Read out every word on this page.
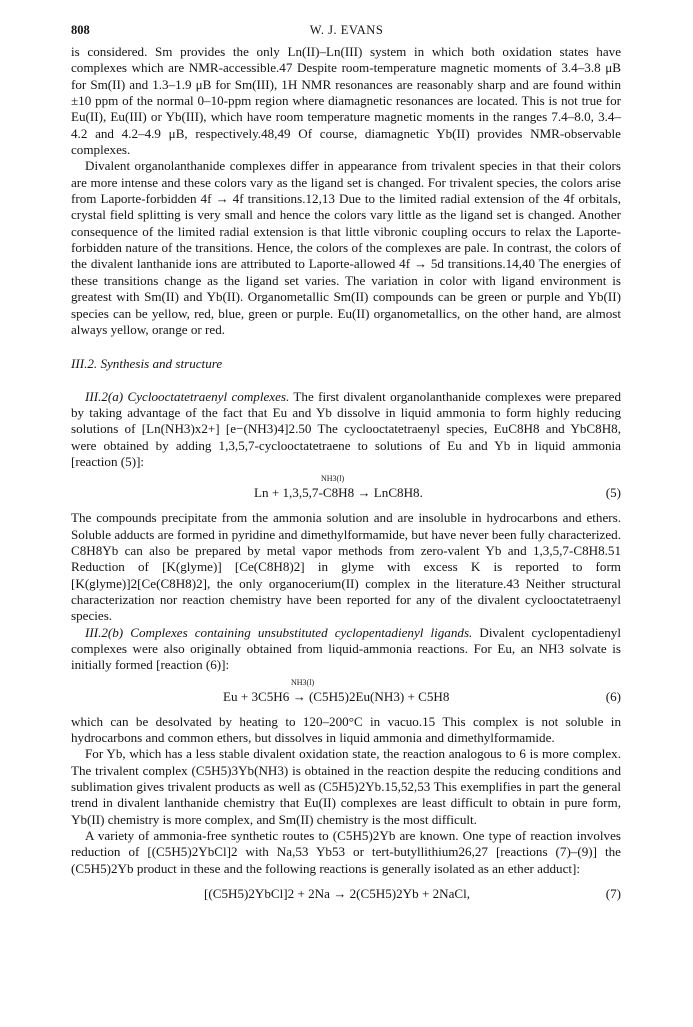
808	W. J. EVANS

is considered. Sm provides the only Ln(II)–Ln(III) system in which both oxidation states have complexes which are NMR-accessible.47 Despite room-temperature magnetic moments of 3.4–3.8 μB for Sm(II) and 1.3–1.9 μB for Sm(III), 1H NMR resonances are reasonably sharp and are found within ±10 ppm of the normal 0–10-ppm region where diamagnetic resonances are located. This is not true for Eu(II), Eu(III) or Yb(III), which have room temperature magnetic moments in the ranges 7.4–8.0, 3.4–4.2 and 4.2–4.9 μB, respectively.48,49 Of course, diamagnetic Yb(II) provides NMR-observable complexes.

Divalent organolanthanide complexes differ in appearance from trivalent species in that their colors are more intense and these colors vary as the ligand set is changed. For trivalent species, the colors arise from Laporte-forbidden 4f → 4f transitions.12,13 Due to the limited radial extension of the 4f orbitals, crystal field splitting is very small and hence the colors vary little as the ligand set is changed. Another consequence of the limited radial extension is that little vibronic coupling occurs to relax the Laporte-forbidden nature of the transitions. Hence, the colors of the complexes are pale. In contrast, the colors of the divalent lanthanide ions are attributed to Laporte-allowed 4f → 5d transitions.14,40 The energies of these transitions change as the ligand set varies. The variation in color with ligand environment is greatest with Sm(II) and Yb(II). Organometallic Sm(II) compounds can be green or purple and Yb(II) species can be yellow, red, blue, green or purple. Eu(II) organometallics, on the other hand, are almost always yellow, orange or red.

III.2. Synthesis and structure

III.2(a) Cyclooctatetraenyl complexes. The first divalent organolanthanide complexes were prepared by taking advantage of the fact that Eu and Yb dissolve in liquid ammonia to form highly reducing solutions of [Ln(NH3)x2+] [e−(NH3)4]2.50 The cyclooctatetraenyl species, EuC8H8 and YbC8H8, were obtained by adding 1,3,5,7-cyclooctatetraene to solutions of Eu and Yb in liquid ammonia [reaction (5)]:

NH3(l)
Ln + 1,3,5,7-C8H8 → LnC8H8.	(5)

The compounds precipitate from the ammonia solution and are insoluble in hydrocarbons and ethers. Soluble adducts are formed in pyridine and dimethylformamide, but have never been fully characterized. C8H8Yb can also be prepared by metal vapor methods from zero-valent Yb and 1,3,5,7-C8H8.51 Reduction of [K(glyme)] [Ce(C8H8)2] in glyme with excess K is reported to form [K(glyme)]2[Ce(C8H8)2], the only organocerium(II) complex in the literature.43 Neither structural characterization nor reaction chemistry have been reported for any of the divalent cyclooctatetraenyl species.

III.2(b) Complexes containing unsubstituted cyclopentadienyl ligands. Divalent cyclopentadienyl complexes were also originally obtained from liquid-ammonia reactions. For Eu, an NH3 solvate is initially formed [reaction (6)]:

NH3(l)
Eu + 3C5H6 → (C5H5)2Eu(NH3) + C5H8	(6)

which can be desolvated by heating to 120–200°C in vacuo.15 This complex is not soluble in hydrocarbons and common ethers, but dissolves in liquid ammonia and dimethylformamide.

For Yb, which has a less stable divalent oxidation state, the reaction analogous to 6 is more complex. The trivalent complex (C5H5)3Yb(NH3) is obtained in the reaction despite the reducing conditions and sublimation gives trivalent products as well as (C5H5)2Yb.15,52,53 This exemplifies in part the general trend in divalent lanthanide chemistry that Eu(II) complexes are least difficult to obtain in pure form, Yb(II) chemistry is more complex, and Sm(II) chemistry is the most difficult.

A variety of ammonia-free synthetic routes to (C5H5)2Yb are known. One type of reaction involves reduction of [(C5H5)2YbCl]2 with Na,53 Yb53 or tert-butyllithium26,27 [reactions (7)–(9)] the (C5H5)2Yb product in these and the following reactions is generally isolated as an ether adduct]:

[(C5H5)2YbCl]2 + 2Na → 2(C5H5)2Yb + 2NaCl,	(7)
